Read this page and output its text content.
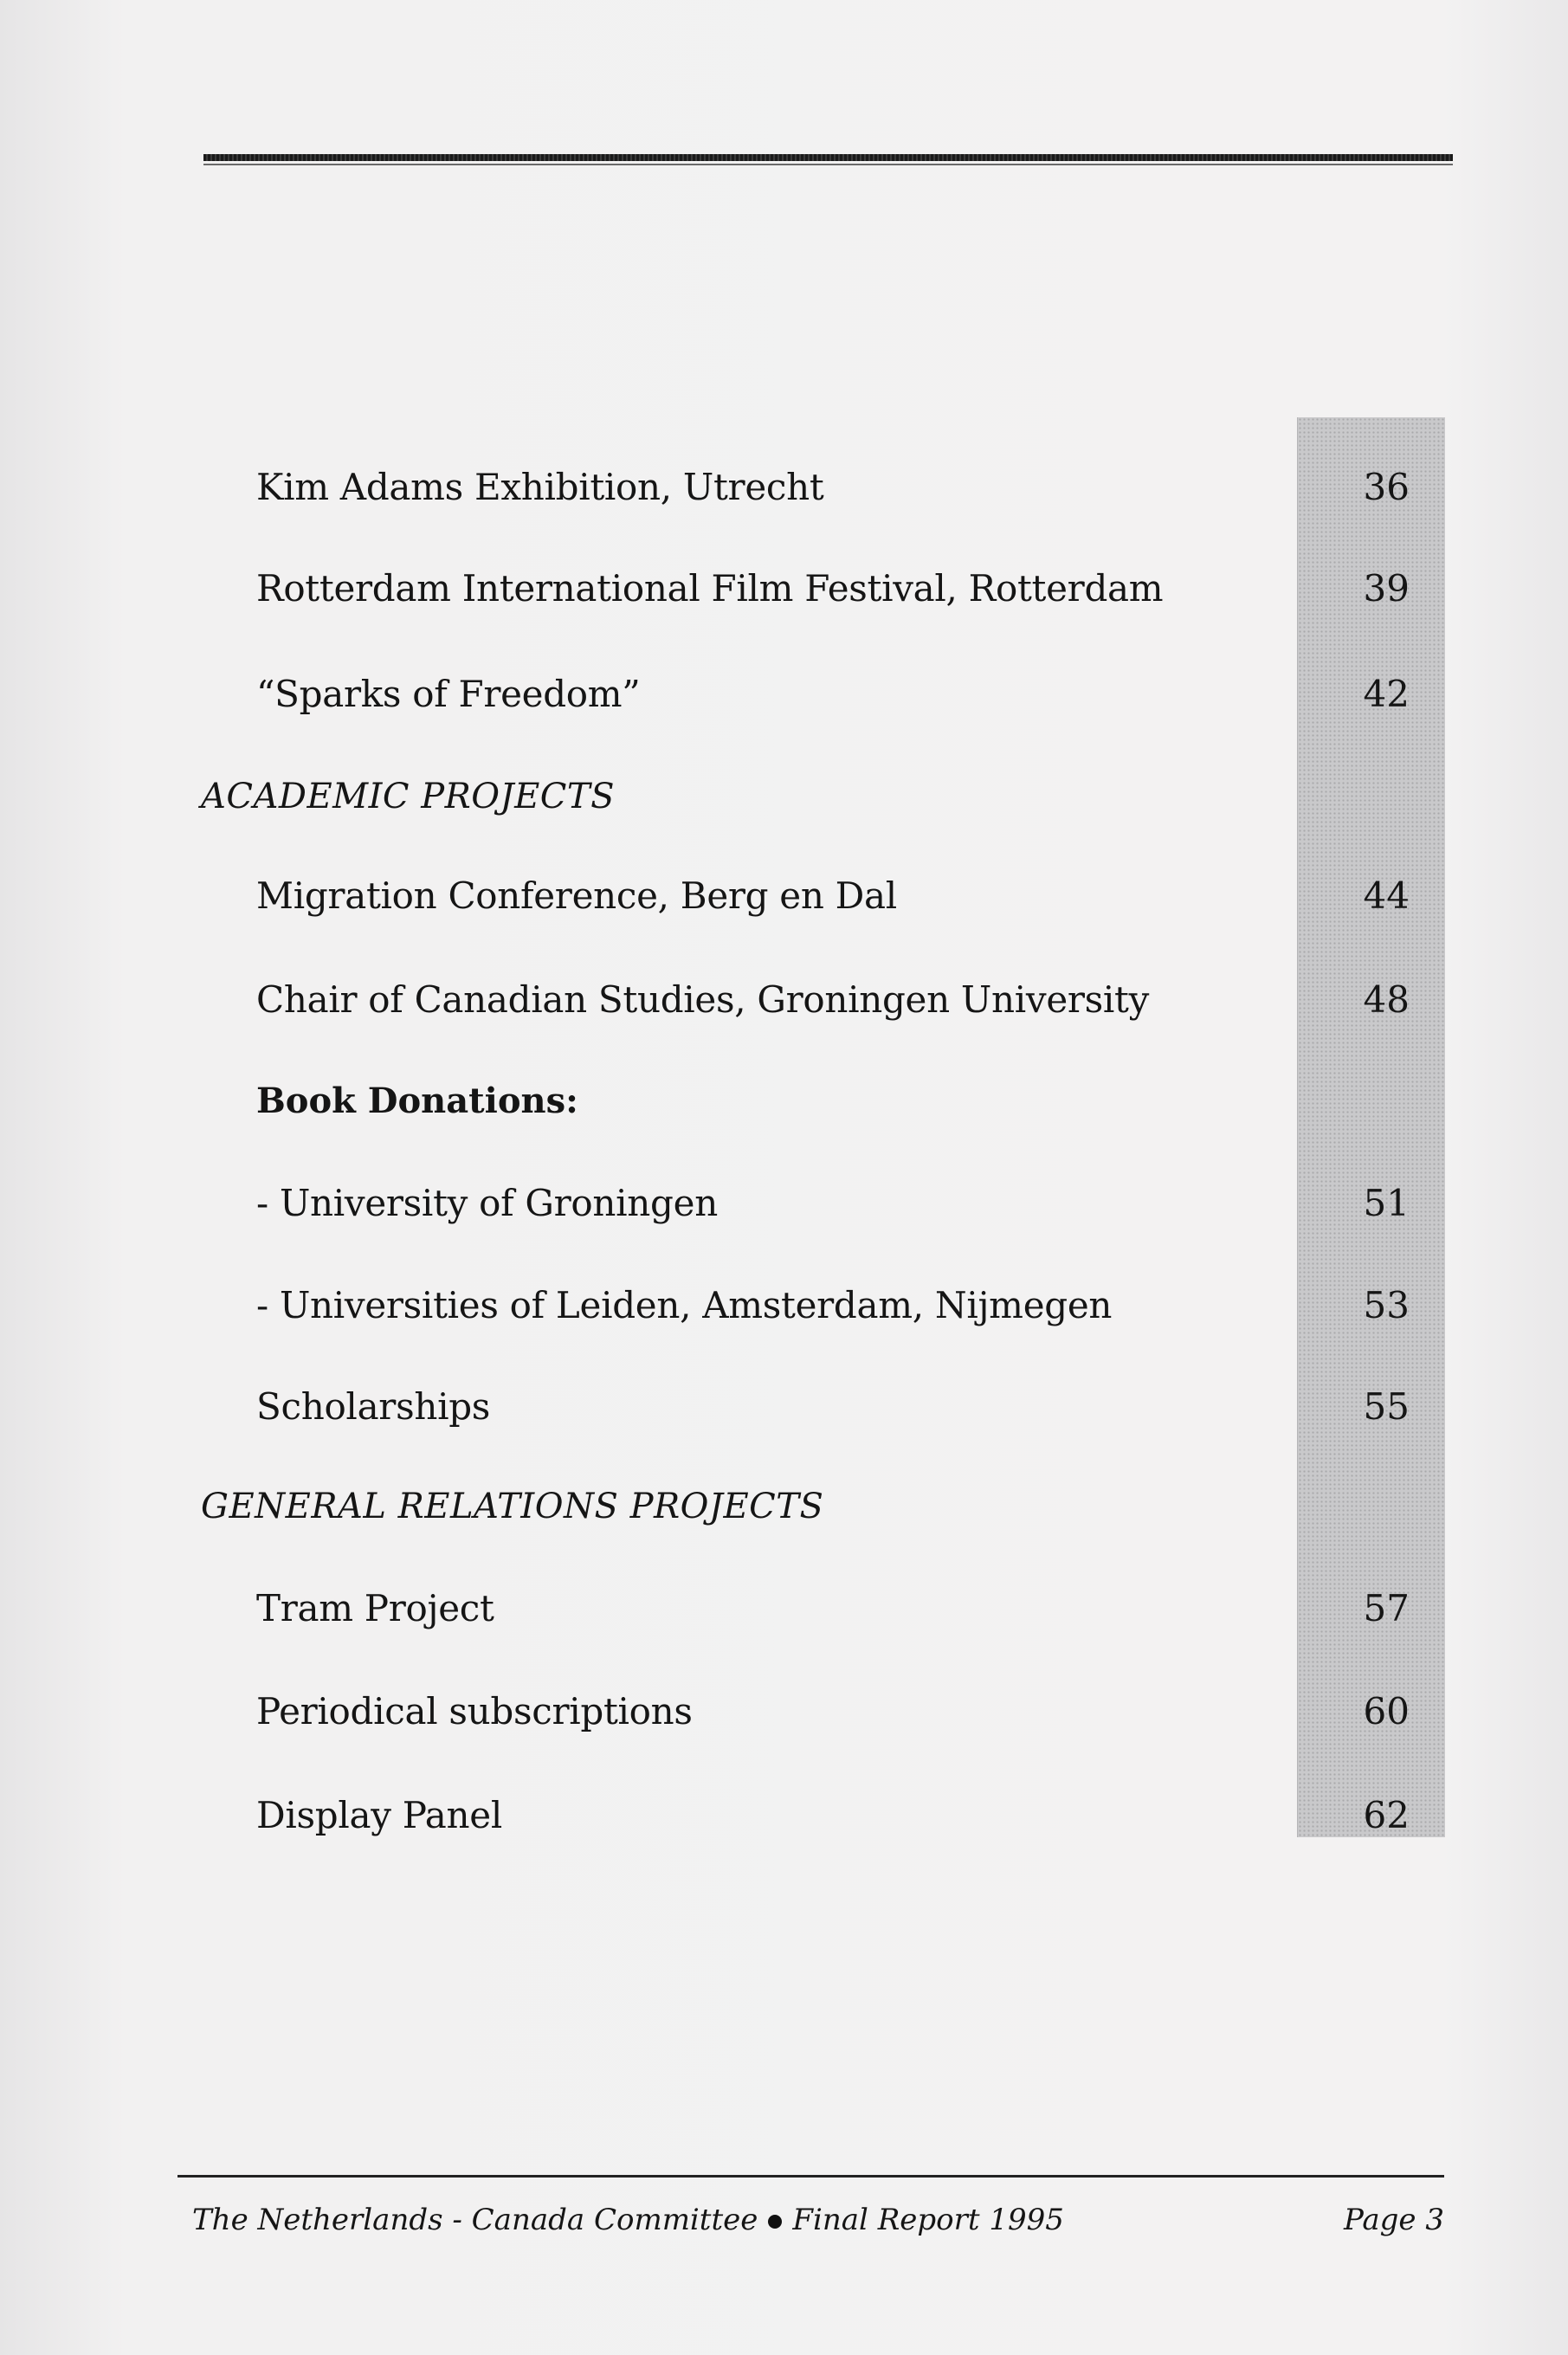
Kim Adams Exhibition, Utrecht	36
Rotterdam International Film Festival, Rotterdam	39
“Sparks of Freedom”	42
ACADEMIC PROJECTS
Migration Conference, Berg en Dal	44
Chair of Canadian Studies, Groningen University	48
Book Donations:
- University of Groningen	51
- Universities of Leiden, Amsterdam, Nijmegen	53
Scholarships	55
GENERAL RELATIONS PROJECTS
Tram Project	57
Periodical subscriptions	60
Display Panel	62
The Netherlands - Canada Committee Final Report 1995	Page 3
